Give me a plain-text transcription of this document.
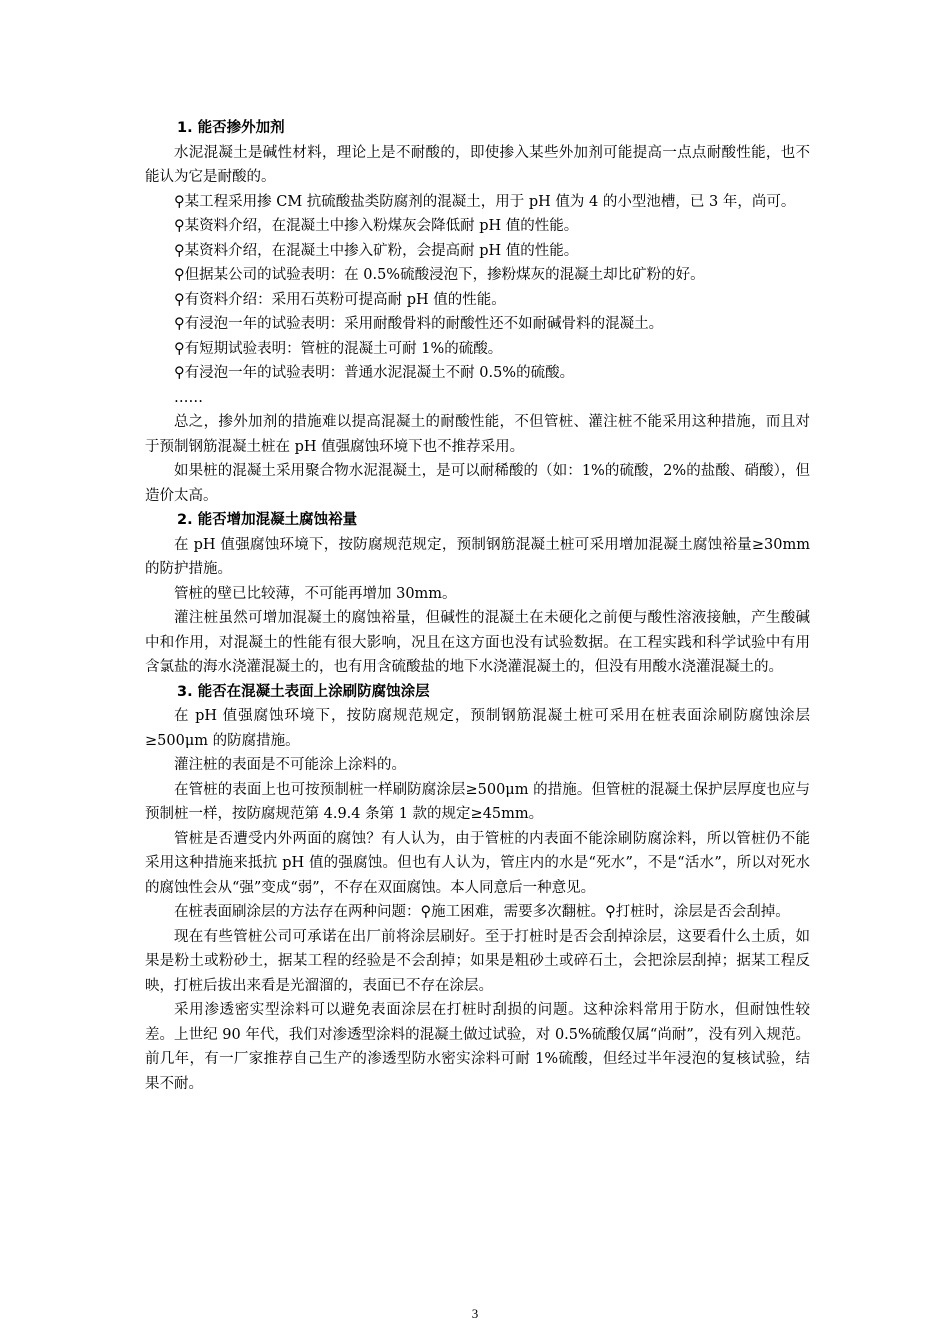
1. 能否掺外加剂

水泥混凝土是碱性材料，理论上是不耐酸的，即使掺入某些外加剂可能提高一点点耐酸性能，也不能认为它是耐酸的。

⚲某工程采用掺 CM 抗硫酸盐类防腐剂的混凝土，用于 pH 值为 4 的小型池槽，已 3 年，尚可。

⚲某资料介绍，在混凝土中掺入粉煤灰会降低耐 pH 值的性能。

⚲某资料介绍，在混凝土中掺入矿粉，会提高耐 pH 值的性能。

⚲但据某公司的试验表明：在 0.5%硫酸浸泡下，掺粉煤灰的混凝土却比矿粉的好。

⚲有资料介绍：采用石英粉可提高耐 pH 值的性能。

⚲有浸泡一年的试验表明：采用耐酸骨料的耐酸性还不如耐碱骨料的混凝土。

⚲有短期试验表明：管桩的混凝土可耐 1%的硫酸。

⚲有浸泡一年的试验表明：普通水泥混凝土不耐 0.5%的硫酸。

……

总之，掺外加剂的措施难以提高混凝土的耐酸性能，不但管桩、灌注桩不能采用这种措施，而且对于预制钢筋混凝土桩在 pH 值强腐蚀环境下也不推荐采用。

如果桩的混凝土采用聚合物水泥混凝土，是可以耐稀酸的（如：1%的硫酸，2%的盐酸、硝酸），但造价太高。

2. 能否增加混凝土腐蚀裕量

在 pH 值强腐蚀环境下，按防腐规范规定，预制钢筋混凝土桩可采用增加混凝土腐蚀裕量≥30mm 的防护措施。

管桩的壁已比较薄，不可能再增加 30mm。

灌注桩虽然可增加混凝土的腐蚀裕量，但碱性的混凝土在未硬化之前便与酸性溶液接触，产生酸碱中和作用，对混凝土的性能有很大影响，况且在这方面也没有试验数据。在工程实践和科学试验中有用含氯盐的海水浇灌混凝土的，也有用含硫酸盐的地下水浇灌混凝土的，但没有用酸水浇灌混凝土的。

3. 能否在混凝土表面上涂刷防腐蚀涂层

在 pH 值强腐蚀环境下，按防腐规范规定，预制钢筋混凝土桩可采用在桩表面涂刷防腐蚀涂层≥500μm 的防腐措施。

灌注桩的表面是不可能涂上涂料的。

在管桩的表面上也可按预制桩一样刷防腐涂层≥500μm 的措施。但管桩的混凝土保护层厚度也应与预制桩一样，按防腐规范第 4.9.4 条第 1 款的规定≥45mm。

管桩是否遭受内外两面的腐蚀？有人认为，由于管桩的内表面不能涂刷防腐涂料，所以管桩仍不能采用这种措施来抵抗 pH 值的强腐蚀。但也有人认为，管庄内的水是“死水”，不是“活水”，所以对死水的腐蚀性会从“强”变成“弱”，不存在双面腐蚀。本人同意后一种意见。

在桩表面刷涂层的方法存在两种问题：⚲施工困难，需要多次翻桩。⚲打桩时，涂层是否会刮掉。

现在有些管桩公司可承诺在出厂前将涂层刷好。至于打桩时是否会刮掉涂层，这要看什么土质，如果是粉土或粉砂土，据某工程的经验是不会刮掉；如果是粗砂土或碎石土，会把涂层刮掉；据某工程反映，打桩后拔出来看是光溜溜的，表面已不存在涂层。

采用渗透密实型涂料可以避免表面涂层在打桩时刮损的问题。这种涂料常用于防水，但耐蚀性较差。上世纪 90 年代，我们对渗透型涂料的混凝土做过试验，对 0.5%硫酸仅属“尚耐”，没有列入规范。前几年，有一厂家推荐自己生产的渗透型防水密实涂料可耐 1%硫酸，但经过半年浸泡的复核试验，结果不耐。

3
